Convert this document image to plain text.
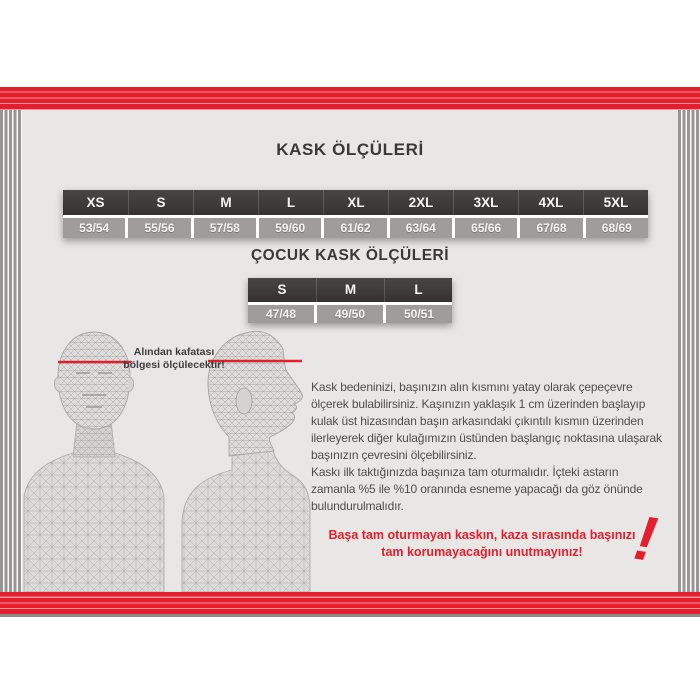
KASK ÖLÇÜLERİ
XS	S	M	L	XL	2XL	3XL	4XL	5XL
53/54	55/56	57/58	59/60	61/62	63/64	65/66	67/68	68/69
ÇOCUK KASK ÖLÇÜLERİ
S	M	L
47/48	49/50	50/51
Alından kafatası bölgesi ölçülecektir!

Kask bedeninizi, başınızın alın kısmını yatay olarak çepeçevre ölçerek bulabilirsiniz. Kaşınızın yaklaşık 1 cm üzerinden başlayıp kulak üst hizasından başın arkasındaki çıkıntılı kısmın üzerinden ilerleyerek diğer kulağımızın üstünden başlangıç noktasına ulaşarak başınızın çevresini ölçebilirsiniz.

Kaskı ilk taktığınızda başınıza tam oturmalıdır. İçteki astarın zamanla %5 ile %10 oranında esneme yapacağı da göz önünde bulundurulmalıdır.

Başa tam oturmayan kaskın, kaza sırasında başınızı tam korumayacağını unutmayınız! !
